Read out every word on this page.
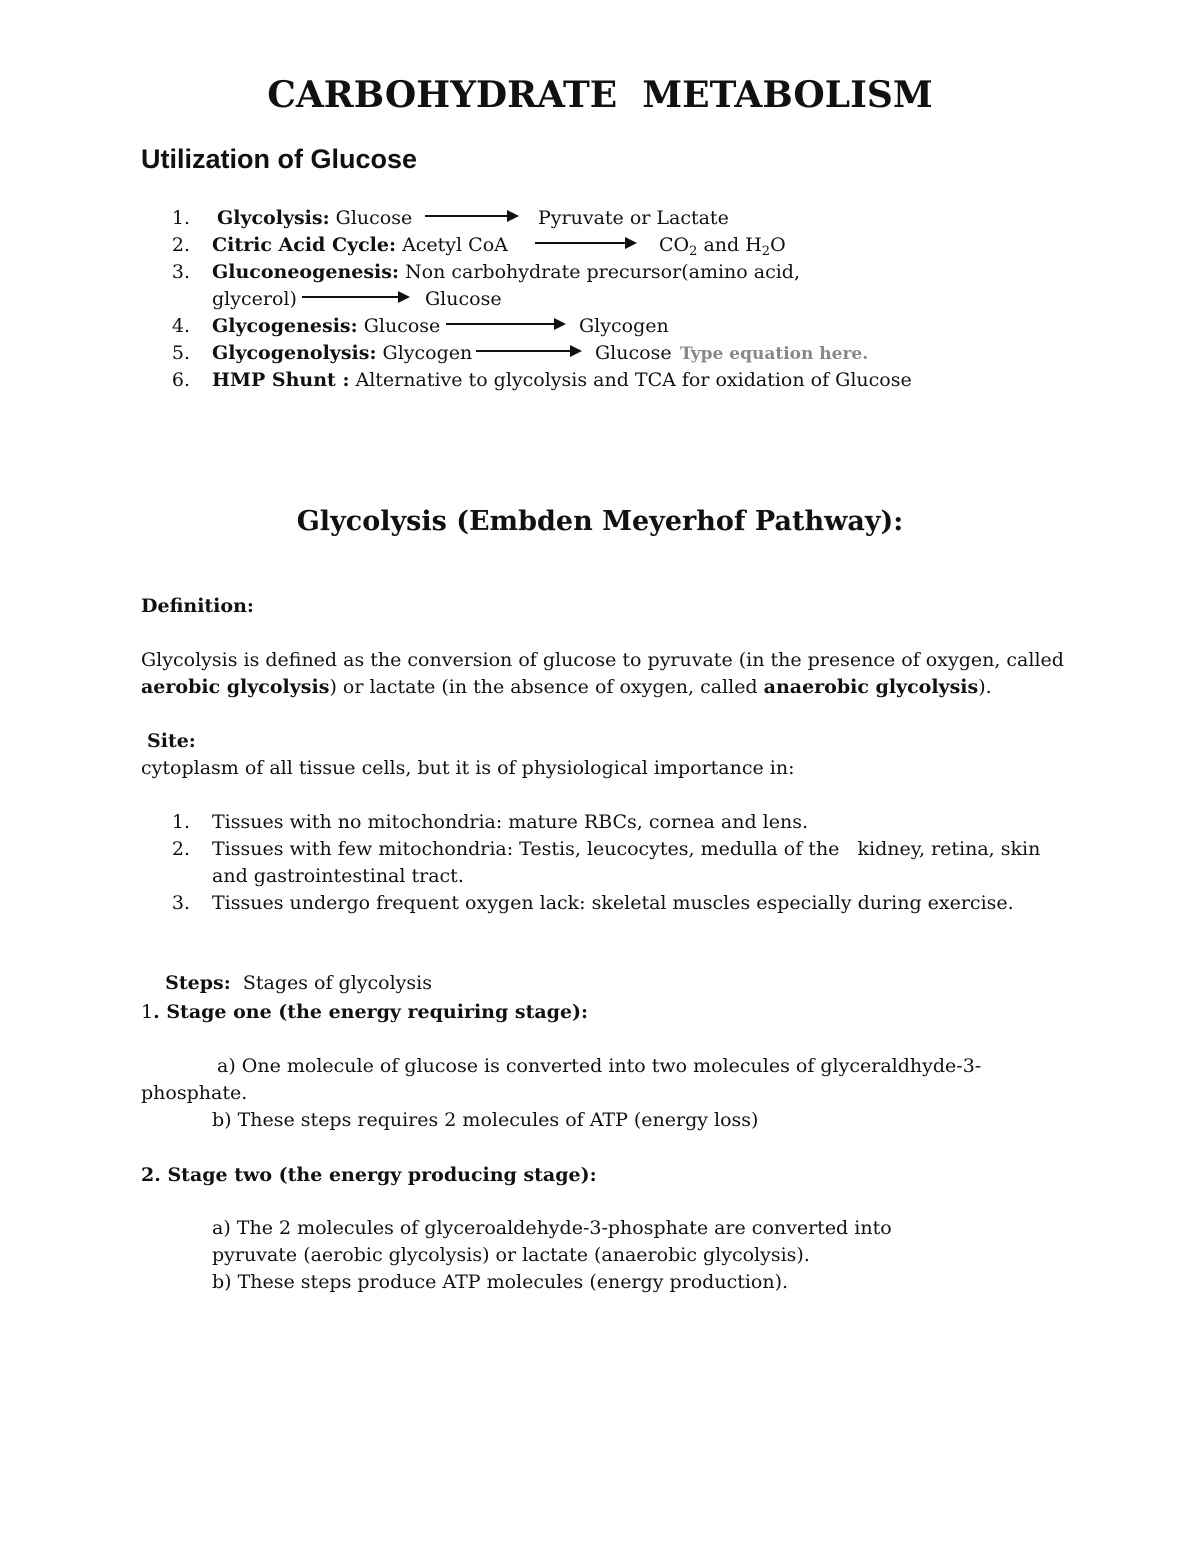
CARBOHYDRATE  METABOLISM
Utilization of Glucose
1. Glycolysis: Glucose	Pyruvate or Lactate
2. Citric Acid Cycle: Acetyl CoA	$CO_2$ and $H_2O$
3. Gluconeogenesis: Non carbohydrate precursor(amino acid,
glycerol)	Glucose
4. Glycogenesis: Glucose	Glycogen
5. Glycogenolysis: Glycogen	Glucose Type equation here.
6. HMP Shunt : Alternative to glycolysis and TCA for oxidation of Glucose
Glycolysis (Embden Meyerhof Pathway):
Definition:
Glycolysis is defined as the conversion of glucose to pyruvate (in the presence of oxygen, called
aerobic glycolysis) or lactate (in the absence of oxygen, called anaerobic glycolysis).
Site:
cytoplasm of all tissue cells, but it is of physiological importance in:
1. Tissues with no mitochondria: mature RBCs, cornea and lens.
2. Tissues with few mitochondria: Testis, leucocytes, medulla of the   kidney, retina, skin
and gastrointestinal tract.
3. Tissues undergo frequent oxygen lack: skeletal muscles especially during exercise.

Steps:  Stages of glycolysis

1. Stage one (the energy requiring stage):
a) One molecule of glucose is converted into two molecules of glyceraldhyde-3-
phosphate.
b) These steps requires 2 molecules of ATP (energy loss)
2. Stage two (the energy producing stage):
a) The 2 molecules of glyceroaldehyde-3-phosphate are converted into
pyruvate (aerobic glycolysis) or lactate (anaerobic glycolysis).
b) These steps produce ATP molecules (energy production).
